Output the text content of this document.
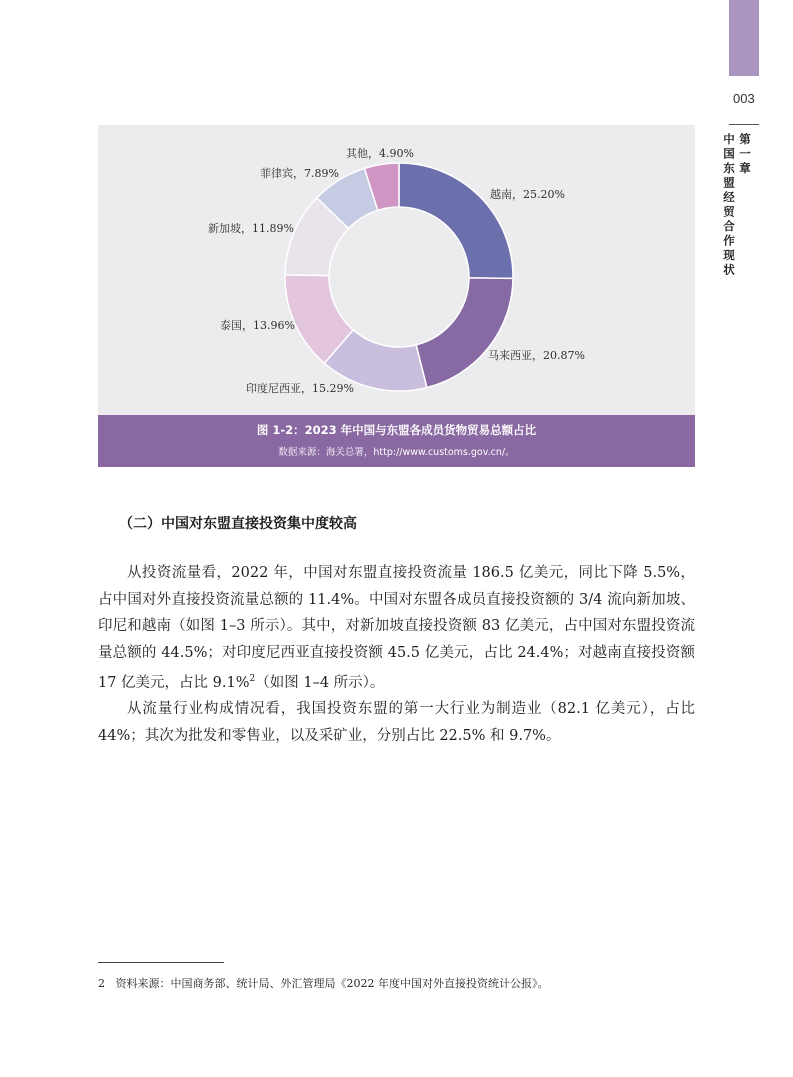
003
第一章
中国东盟经贸合作现状
越南，25.20%
马来西亚，20.87%
印度尼西亚，15.29%
泰国，13.96%
新加坡，11.89%
菲律宾，7.89%
其他，4.90%
图 1-2：2023 年中国与东盟各成员货物贸易总额占比
数据来源：海关总署，http://www.customs.gov.cn/。
（二）中国对东盟直接投资集中度较高

从投资流量看，2022 年，中国对东盟直接投资流量 186.5 亿美元，同比下降 5.5%，占中国对外直接投资流量总额的 11.4%。中国对东盟各成员直接投资额的 3/4 流向新加坡、印尼和越南（如图 1–3 所示）。其中，对新加坡直接投资额 83 亿美元，占中国对东盟投资流量总额的 44.5%；对印度尼西亚直接投资额 45.5 亿美元，占比 24.4%；对越南直接投资额 17 亿美元，占比 9.1%$^2$（如图 1–4 所示）。

从流量行业构成情况看，我国投资东盟的第一大行业为制造业（82.1 亿美元），占比 44%；其次为批发和零售业，以及采矿业，分别占比 22.5% 和 9.7%。

2 资料来源：中国商务部、统计局、外汇管理局《2022 年度中国对外直接投资统计公报》。
